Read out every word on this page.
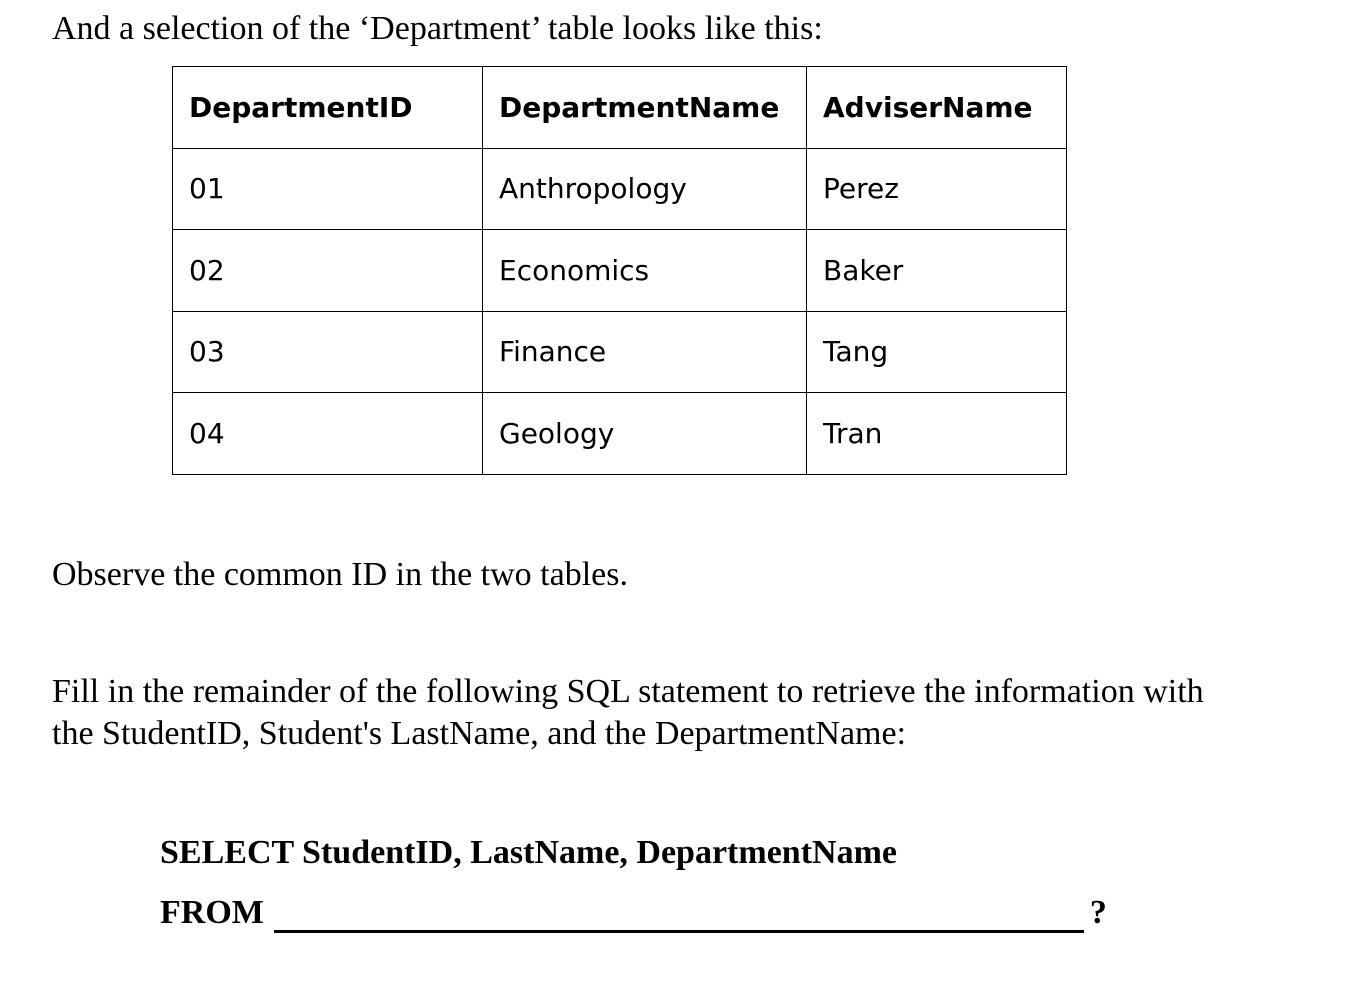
And a selection of the ‘Department’ table looks like this:
DepartmentID	DepartmentName	AdviserName
01	Anthropology	Perez
02	Economics	Baker
03	Finance	Tang
04	Geology	Tran
Observe the common ID in the two tables.
Fill in the remainder of the following SQL statement to retrieve the information with
the StudentID, Student's LastName, and the DepartmentName:
SELECT StudentID, LastName, DepartmentName
FROM	?
